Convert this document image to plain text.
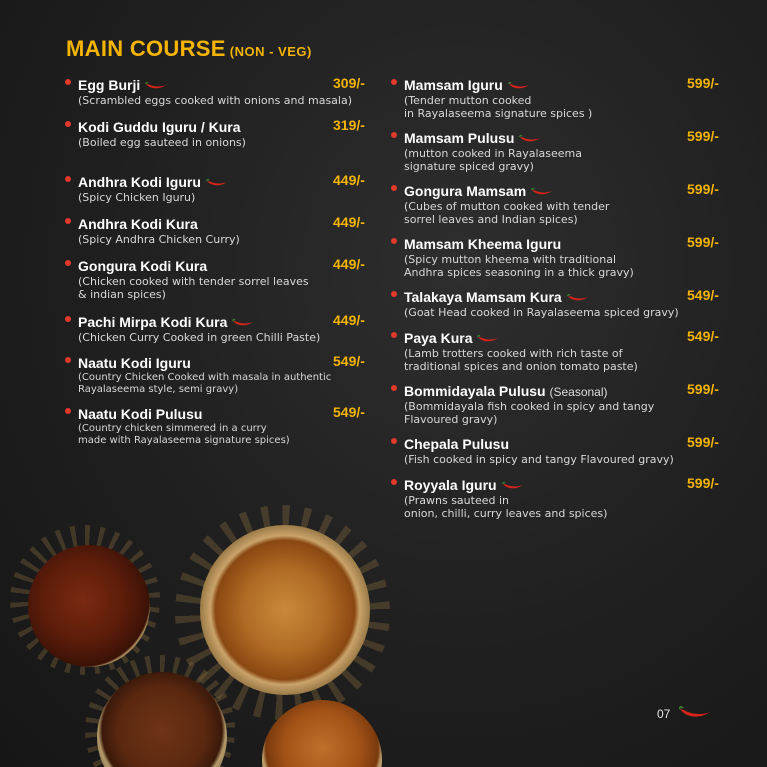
MAIN COURSE (NON - VEG)
Egg Burji	309/-
(Scrambled eggs cooked with onions and masala)
Kodi Guddu Iguru / Kura	319/-
(Boiled egg sauteed in onions)
Andhra Kodi Iguru	449/-
(Spicy Chicken Iguru)
Andhra Kodi Kura	449/-
(Spicy Andhra Chicken Curry)
Gongura Kodi Kura	449/-
(Chicken cooked with tender sorrel leaves
& indian spices)
Pachi Mirpa Kodi Kura	449/-
(Chicken Curry Cooked in green Chilli Paste)
Naatu Kodi Iguru	549/-
(Country Chicken Cooked with masala in authentic
Rayalaseema style, semi gravy)
Naatu Kodi Pulusu	549/-
(Country chicken simmered in a curry
made with Rayalaseema signature spices)
Mamsam Iguru	599/-
(Tender mutton cooked
in Rayalaseema signature spices )
Mamsam Pulusu	599/-
(mutton cooked in Rayalaseema
signature spiced gravy)
Gongura Mamsam	599/-
(Cubes of mutton cooked with tender
sorrel leaves and Indian spices)
Mamsam Kheema Iguru	599/-
(Spicy mutton kheema with traditional
Andhra spices seasoning in a thick gravy)
Talakaya Mamsam Kura	549/-
(Goat Head cooked in Rayalaseema spiced gravy)
Paya Kura	549/-
(Lamb trotters cooked with rich taste of
traditional spices and onion tomato paste)
Bommidayala Pulusu (Seasonal)	599/-
(Bommidayala fish cooked in spicy and tangy
Flavoured gravy)
Chepala Pulusu	599/-
(Fish cooked in spicy and tangy Flavoured gravy)
Royyala Iguru	599/-
(Prawns sauteed in
onion, chilli, curry leaves and spices)
07
